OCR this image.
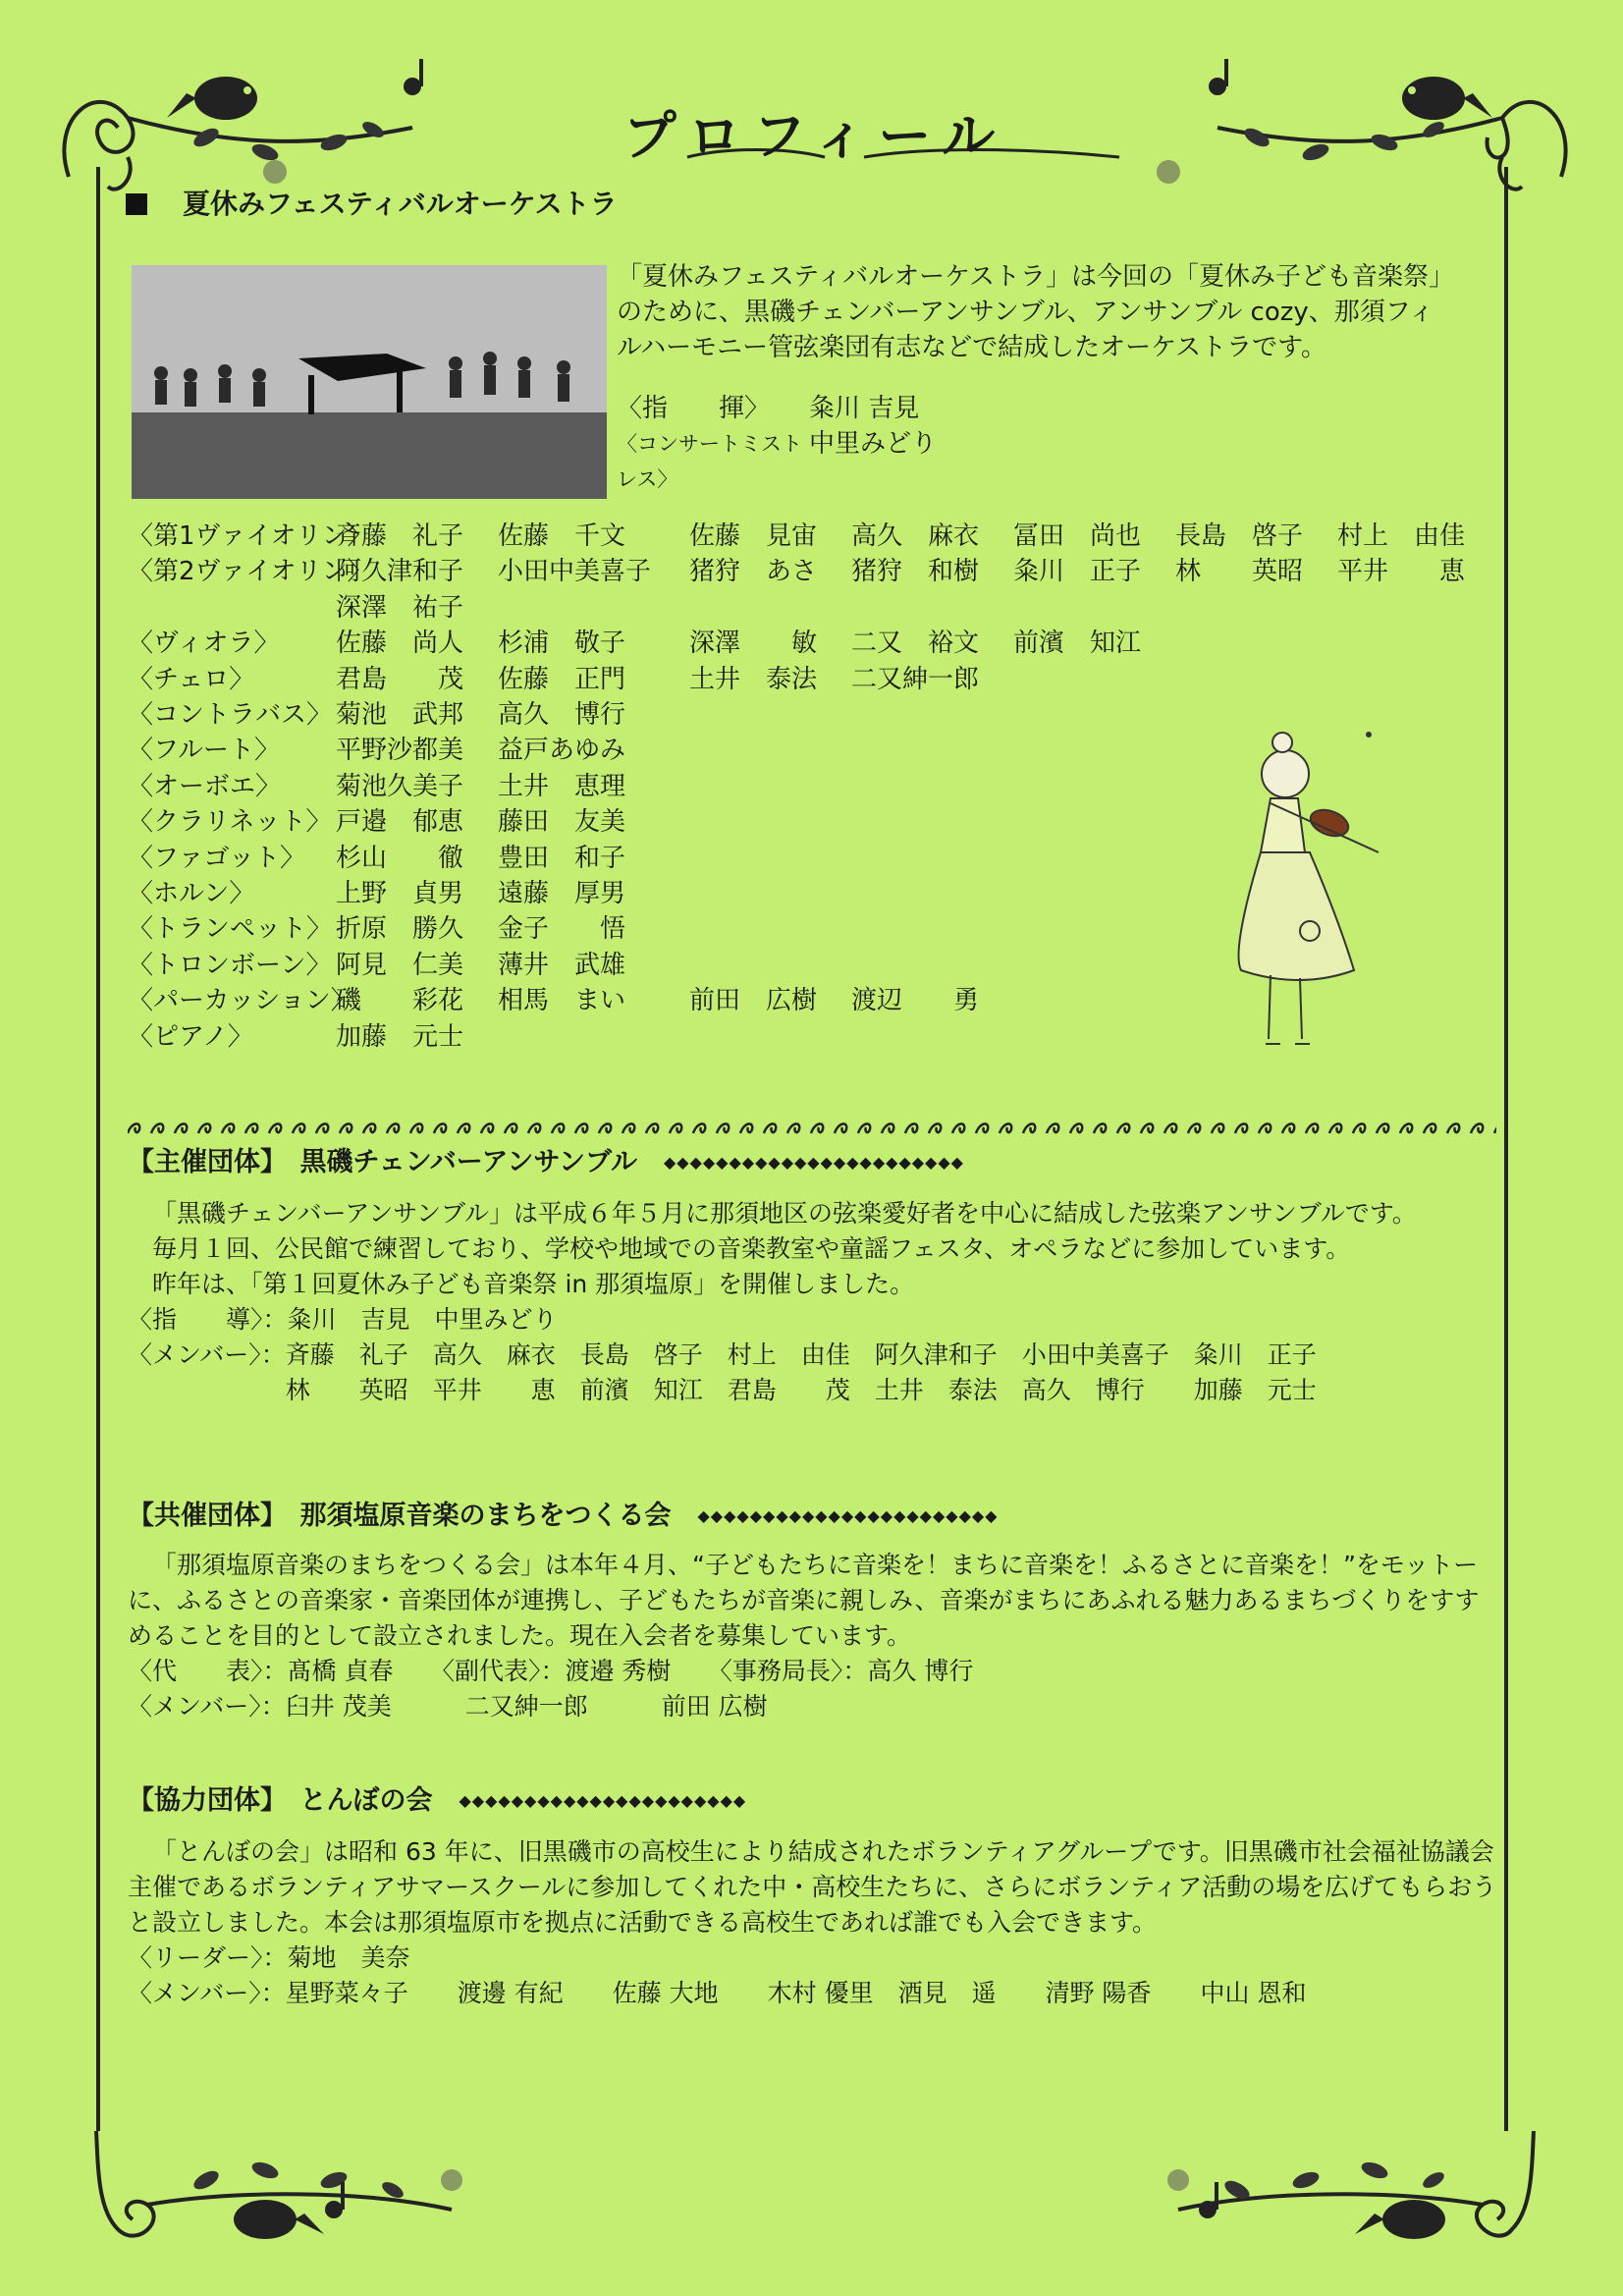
プロフィール
夏休みフェスティバルオーケストラ
「夏休みフェスティバルオーケストラ」は今回の「夏休み子ども音楽祭」
のために、黒磯チェンバーアンサンブル、アンサンブル cozy、那須フィ
ルハーモニー管弦楽団有志などで結成したオーケストラです。
〈指　　揮〉	粂川 吉見
〈コンサートミストレス〉
中里みどり
〈第1ヴァイオリン〉
斉藤　礼子	佐藤　千文	佐藤　見宙	高久　麻衣	冨田　尚也	長島　啓子	村上　由佳
〈第2ヴァイオリン〉
阿久津和子	小田中美喜子	猪狩　あさ	猪狩　和樹	粂川　正子	林　　英昭	平井　　恵
深澤　祐子
〈ヴィオラ〉	佐藤　尚人	杉浦　敬子	深澤　　敏	二又　裕文	前濱　知江
〈チェロ〉	君島　　茂	佐藤　正門	土井　泰法	二又紳一郎
〈コントラバス〉 菊池　武邦	高久　博行
〈フルート〉	平野沙都美	益戸あゆみ
〈オーボエ〉	菊池久美子	土井　恵理
〈クラリネット〉 戸邉　郁恵	藤田　友美
〈ファゴット〉	杉山　　徹	豊田　和子
〈ホルン〉	上野　貞男	遠藤　厚男
〈トランペット〉 折原　勝久	金子　　悟
〈トロンボーン〉 阿見　仁美	薄井　武雄
〈パーカッション〉
磯　　彩花	相馬　まい	前田　広樹	渡辺　　勇
〈ピアノ〉	加藤　元士
【主催団体】　 黒磯チェンバーアンサンブル　 ◆◆◆◆◆◆◆◆◆◆◆◆◆◆◆◆◆◆◆◆◆◆◆
「黒磯チェンバーアンサンブル」は平成６年５月に那須地区の弦楽愛好者を中心に結成した弦楽アンサンブルです。
毎月１回、公民館で練習しており、学校や地域での音楽教室や童謡フェスタ、オペラなどに参加しています。
昨年は、「第１回夏休み子ども音楽祭 in 那須塩原」を開催しました。
〈指　　導〉： 粂川　吉見　中里みどり
〈メンバー〉： 斉藤　礼子　高久　麻衣　長島　啓子　村上　由佳　阿久津和子　小田中美喜子　粂川　正子
林　　英昭　平井　　恵　前濱　知江　君島　　茂　土井　泰法　高久　博行　　加藤　元士
【共催団体】　 那須塩原音楽のまちをつくる会　 ◆◆◆◆◆◆◆◆◆◆◆◆◆◆◆◆◆◆◆◆◆◆◆
「那須塩原音楽のまちをつくる会」は本年４月、“子どもたちに音楽を！まちに音楽を！ふるさとに音楽を！”をモットーに、ふるさとの音楽家・音楽団体が連携し、子どもたちが音楽に親しみ、音楽がまちにあふれる魅力あるまちづくりをすすめることを目的として設立されました。現在入会者を募集しています。
〈代　　表〉：髙橋 貞春　　〈副代表〉：渡邉 秀樹　　〈事務局長〉：高久 博行
〈メンバー〉：臼井 茂美　　　二又紳一郎　　　前田 広樹
【協力団体】　 とんぼの会　 ◆◆◆◆◆◆◆◆◆◆◆◆◆◆◆◆◆◆◆◆◆◆
「とんぼの会」は昭和 63 年に、旧黒磯市の高校生により結成されたボランティアグループです。旧黒磯市社会福祉協議会主催であるボランティアサマースクールに参加してくれた中・高校生たちに、さらにボランティア活動の場を広げてもらおうと設立しました。本会は那須塩原市を拠点に活動できる高校生であれば誰でも入会できます。
〈リーダー〉：菊地　美奈
〈メンバー〉：星野菜々子　　渡邊 有紀　　佐藤 大地　　木村 優里　酒見　遥　　清野 陽香　　中山 恩和
